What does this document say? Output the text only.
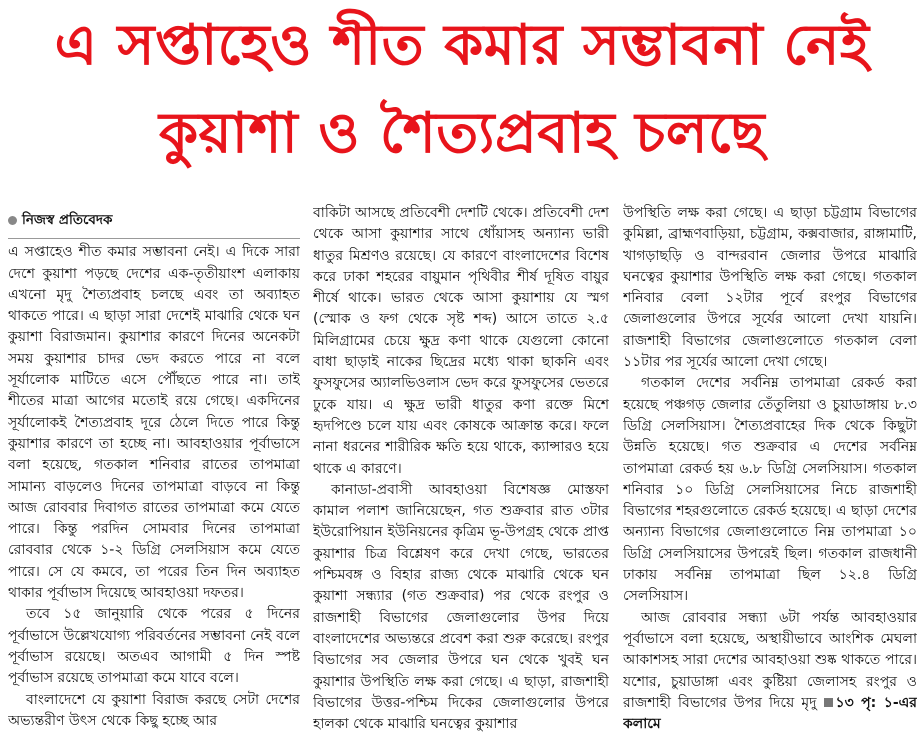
এ সপ্তাহেও শীত কমার সম্ভাবনা নেই
কুয়াশা ও শৈত্যপ্রবাহ চলছে
নিজস্ব প্রতিবেদক

এ সপ্তাহেও শীত কমার সম্ভাবনা নেই। এ দিকে সারা দেশে কুয়াশা পড়ছে দেশের এক-তৃতীয়াংশ এলাকায় এখনো মৃদু শৈত্যপ্রবাহ চলছে এবং তা অব্যাহত থাকতে পারে। এ ছাড়া সারা দেশেই মাঝারি থেকে ঘন কুয়াশা বিরাজমান। কুয়াশার কারণে দিনের অনেকটা সময় কুয়াশার চাদর ভেদ করতে পারে না বলে সূর্যালোক মাটিতে এসে পৌঁছতে পারে না। তাই শীতের মাত্রা আগের মতোই রয়ে গেছে। একদিনের সূর্যালোকই শৈত্যপ্রবাহ দূরে ঠেলে দিতে পারে কিন্তু কুয়াশার কারণে তা হচ্ছে না। আবহাওয়ার পূর্বাভাসে বলা হয়েছে, গতকাল শনিবার রাতের তাপমাত্রা সামান্য বাড়লেও দিনের তাপমাত্রা বাড়বে না কিন্তু আজ রোববার দিবাগত রাতের তাপমাত্রা কমে যেতে পারে। কিন্তু পরদিন সোমবার দিনের তাপমাত্রা রোববার থেকে ১-২ ডিগ্রি সেলসিয়াস কমে যেতে পারে। সে যে কমবে, তা পরের তিন দিন অব্যাহত থাকার পূর্বাভাস দিয়েছে আবহাওয়া দফতর।

তবে ১৫ জানুয়ারি থেকে পরের ৫ দিনের পূর্বাভাসে উল্লেখযোগ্য পরিবর্তনের সম্ভাবনা নেই বলে পূর্বাভাস রয়েছে। অতএব আগামী ৫ দিন স্পষ্ট পূর্বাভাস রয়েছে তাপমাত্রা কমে যাবে বলে।

বাংলাদেশে যে কুয়াশা বিরাজ করছে সেটা দেশের অভ্যন্তরীণ উৎস থেকে কিছু হচ্ছে আর

বাকিটা আসছে প্রতিবেশী দেশটি থেকে। প্রতিবেশী দেশ থেকে আসা কুয়াশার সাথে ধোঁয়াসহ অন্যান্য ভারী ধাতুর মিশ্রণও রয়েছে। যে কারণে বাংলাদেশের বিশেষ করে ঢাকা শহরের বায়ুমান পৃথিবীর শীর্ষ দূষিত বায়ুর শীর্ষে থাকে। ভারত থেকে আসা কুয়াশায় যে স্মগ (স্মোক ও ফগ থেকে সৃষ্ট শব্দ) আসে তাতে ২.৫ মিলিগ্রামের চেয়ে ক্ষুদ্র কণা থাকে যেগুলো কোনো বাধা ছাড়াই নাকের ছিদ্রের মধ্যে থাকা ছাকনি এবং ফুসফুসের অ্যালভিওলাস ভেদ করে ফুসফুসের ভেতরে ঢুকে যায়। এ ক্ষুদ্র ভারী ধাতুর কণা রক্তে মিশে হৃদপিণ্ডে চলে যায় এবং কোষকে আক্রান্ত করে। ফলে নানা ধরনের শারীরিক ক্ষতি হয়ে থাকে, ক্যান্সারও হয়ে থাকে এ কারণে।

কানাডা-প্রবাসী আবহাওয়া বিশেষজ্ঞ মোস্তফা কামাল পলাশ জানিয়েছেন, গত শুক্রবার রাত ৩টার ইউরোপিয়ান ইউনিয়নের কৃত্রিম ভূ-উপগ্রহ থেকে প্রাপ্ত কুয়াশার চিত্র বিশ্লেষণ করে দেখা গেছে, ভারতের পশ্চিমবঙ্গ ও বিহার রাজ্য থেকে মাঝারি থেকে ঘন কুয়াশা সন্ধ্যার (গত শুক্রবার) পর থেকে রংপুর ও রাজশাহী বিভাগের জেলাগুলোর উপর দিয়ে বাংলাদেশের অভ্যন্তরে প্রবেশ করা শুরু করেছে। রংপুর বিভাগের সব জেলার উপরে ঘন থেকে খুবই ঘন কুয়াশার উপস্থিতি লক্ষ করা গেছে। এ ছাড়া, রাজশাহী বিভাগের উত্তর-পশ্চিম দিকের জেলাগুলোর উপরে হালকা থেকে মাঝারি ঘনত্বের কুয়াশার

উপস্থিতি লক্ষ করা গেছে। এ ছাড়া চট্টগ্রাম বিভাগের কুমিল্লা, ব্রাহ্মণবাড়িয়া, চট্টগ্রাম, কক্সবাজার, রাঙ্গামাটি, খাগড়াছড়ি ও বান্দরবান জেলার উপরে মাঝারি ঘনত্বের কুয়াশার উপস্থিতি লক্ষ করা গেছে। গতকাল শনিবার বেলা ১২টার পূর্বে রংপুর বিভাগের জেলাগুলোর উপরে সূর্যের আলো দেখা যায়নি। রাজশাহী বিভাগের জেলাগুলোতে গতকাল বেলা ১১টার পর সূর্যের আলো দেখা গেছে।

গতকাল দেশের সর্বনিম্ন তাপমাত্রা রেকর্ড করা হয়েছে পঞ্চগড় জেলার তেঁতুলিয়া ও চুয়াডাঙ্গায় ৮.৩ ডিগ্রি সেলসিয়াস। শৈত্যপ্রবাহের দিক থেকে কিছুটা উন্নতি হয়েছে। গত শুক্রবার এ দেশের সর্বনিম্ন তাপমাত্রা রেকর্ড হয় ৬.৮ ডিগ্রি সেলসিয়াস। গতকাল শনিবার ১০ ডিগ্রি সেলসিয়াসের নিচে রাজশাহী বিভাগের শহরগুলোতে রেকর্ড হয়েছে। এ ছাড়া দেশের অন্যান্য বিভাগের জেলাগুলোতে নিম্ন তাপমাত্রা ১০ ডিগ্রি সেলসিয়াসের উপরেই ছিল। গতকাল রাজধানী ঢাকায় সর্বনিম্ন তাপমাত্রা ছিল ১২.৪ ডিগ্রি সেলসিয়াস।

আজ রোববার সন্ধ্যা ৬টা পর্যন্ত আবহাওয়ার পূর্বাভাসে বলা হয়েছে, অস্থায়ীভাবে আংশিক মেঘলা আকাশসহ সারা দেশের আবহাওয়া শুষ্ক থাকতে পারে। যশোর, চুয়াডাঙ্গা এবং কুষ্টিয়া জেলাসহ রংপুর ও রাজশাহী বিভাগের উপর দিয়ে মৃদু ১৩ পৃ: ১-এর কলামে
